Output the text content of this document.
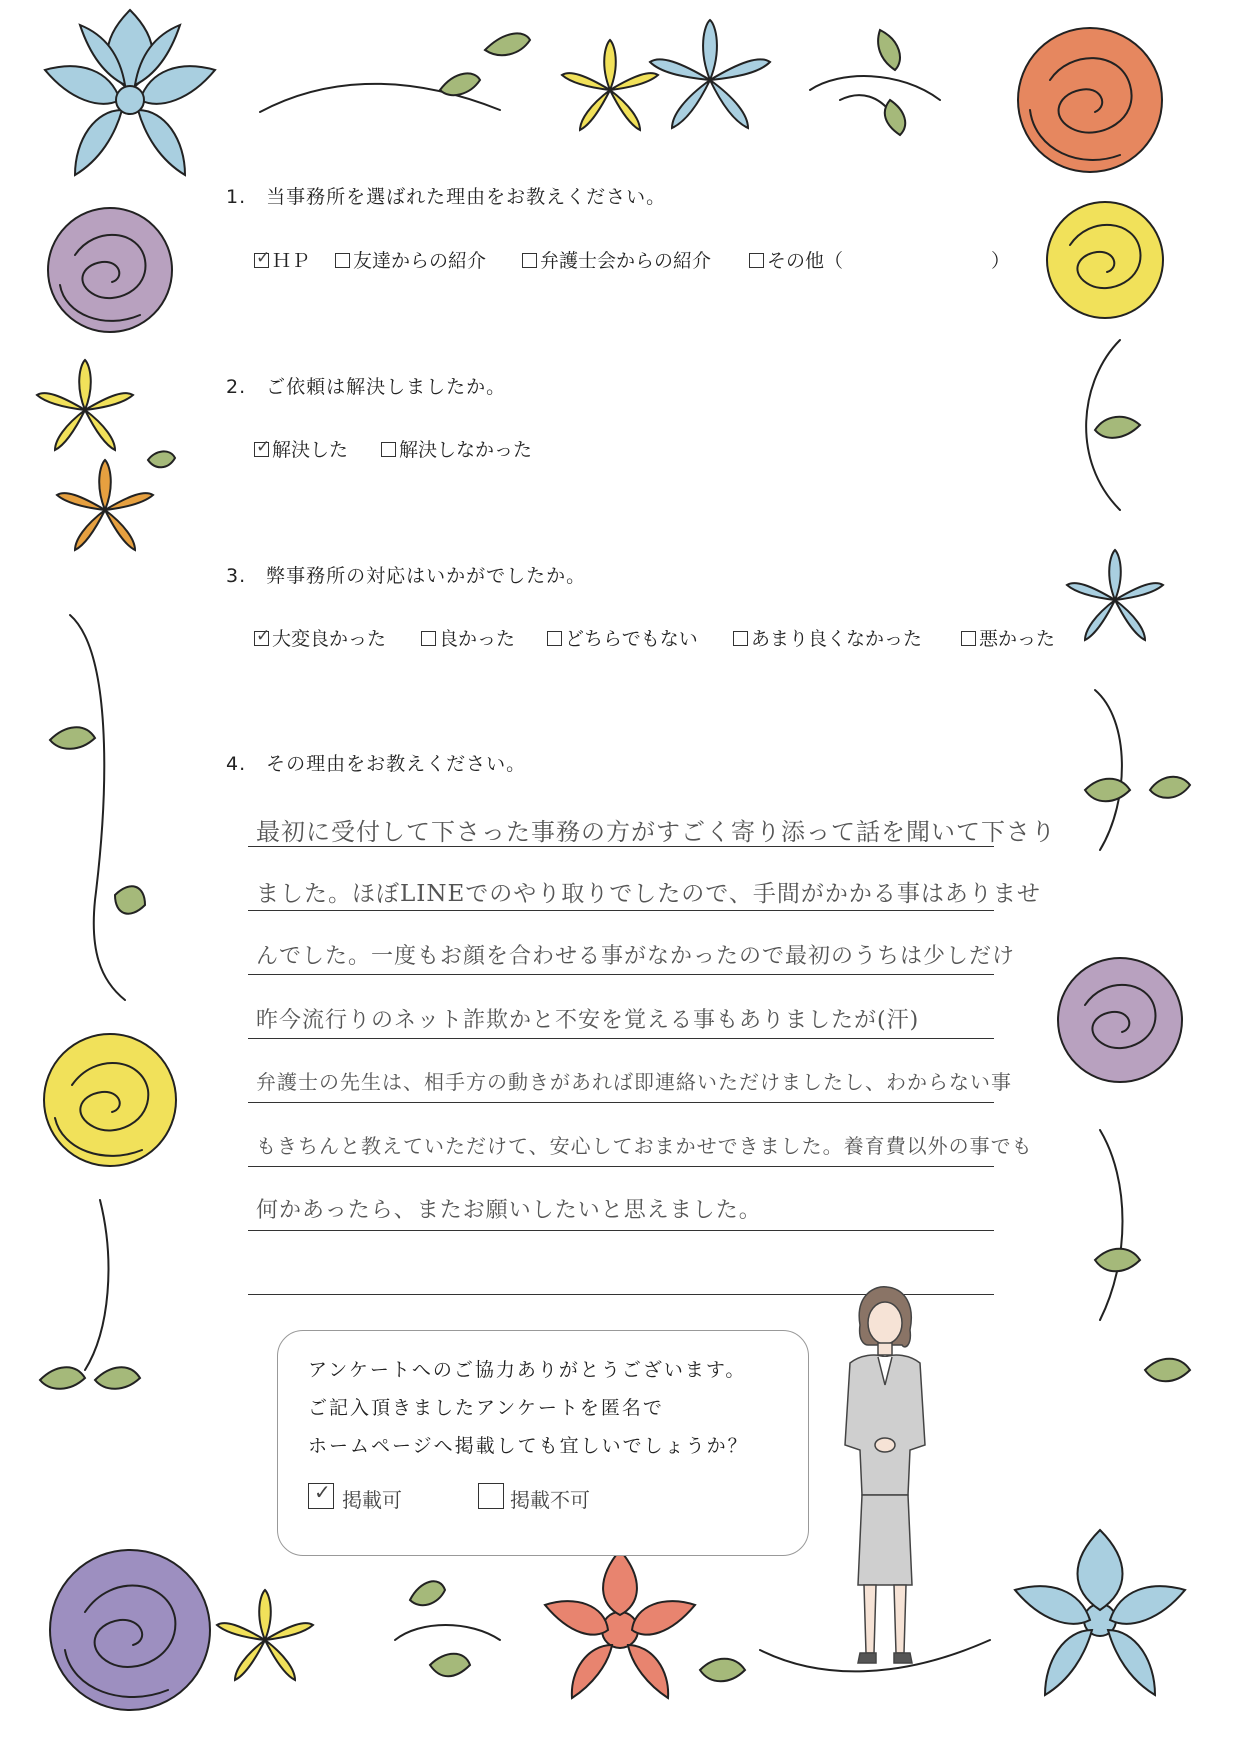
1.　 当事務所を選ばれた理由をお教えください。
✓ ＨＰ	友達からの紹介	弁護士会からの紹介	その他（	）
2.　 ご依頼は解決しましたか。
✓ 解決した	解決しなかった
3.　 弊事務所の対応はいかがでしたか。
✓ 大変良かった	良かった	どちらでもない	あまり良くなかった	悪かった
4.　 その理由をお教えください。
最初に受付して下さった事務の方がすごく寄り添って話を聞いて下さり
ました。ほぼLINEでのやり取りでしたので、手間がかかる事はありませ
んでした。一度もお顔を合わせる事がなかったので最初のうちは少しだけ
昨今流行りのネット詐欺かと不安を覚える事もありましたが(汗)
弁護士の先生は、相手方の動きがあれば即連絡いただけましたし、わからない事
もきちんと教えていただけて、安心しておまかせできました。養育費以外の事でも
何かあったら、またお願いしたいと思えました。
アンケートへのご協力ありがとうございます。
ご記入頂きましたアンケートを匿名で
ホームページへ掲載しても宜しいでしょうか？
✓ 掲載可	掲載不可
